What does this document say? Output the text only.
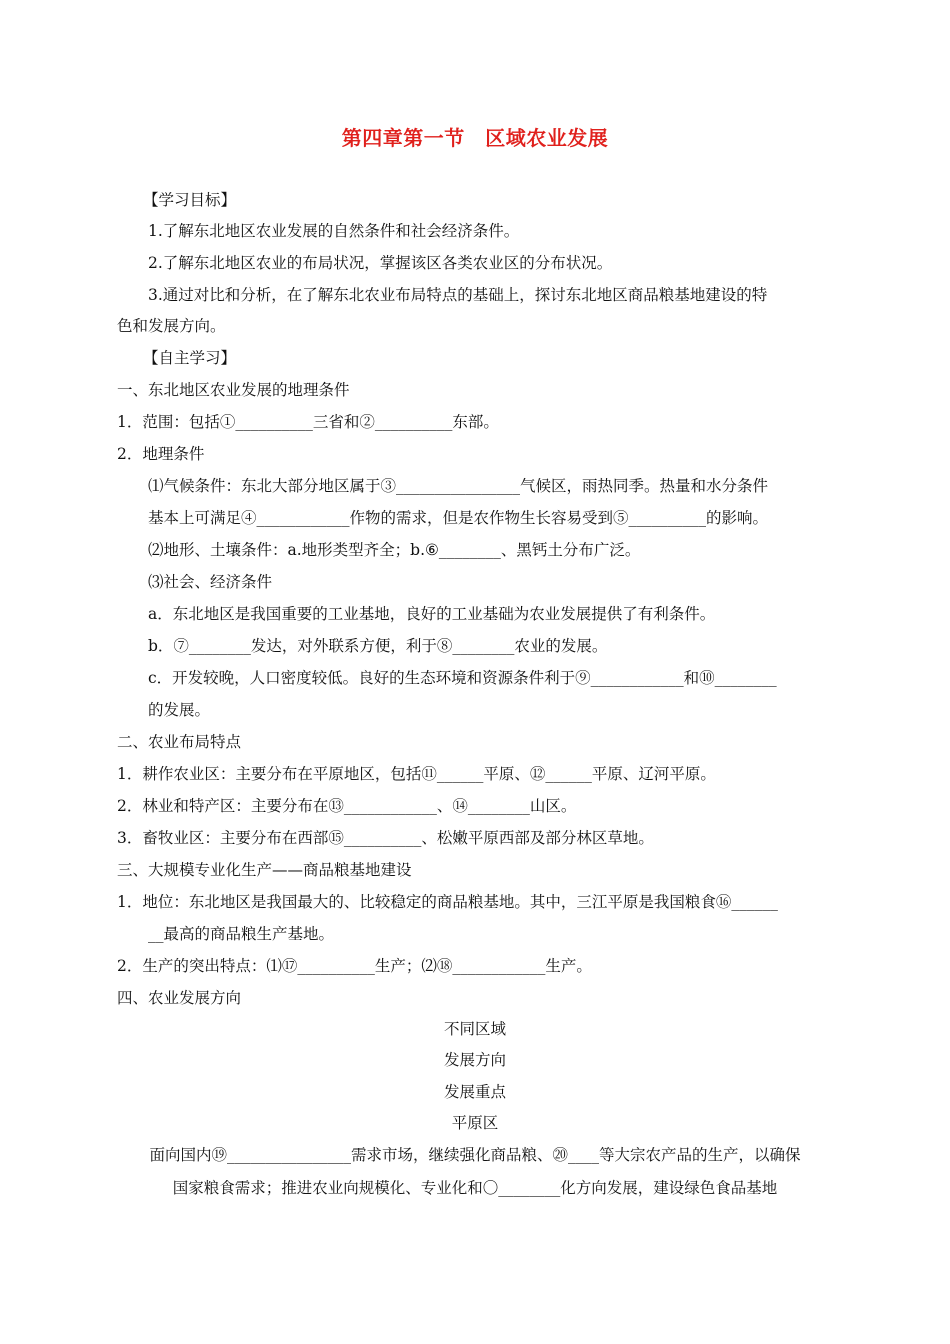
第四章第一节　区域农业发展
【学习目标】
1.了解东北地区农业发展的自然条件和社会经济条件。
2.了解东北地区农业的布局状况，掌握该区各类农业区的分布状况。
3.通过对比和分析，在了解东北农业布局特点的基础上，探讨东北地区商品粮基地建设的特
色和发展方向。
【自主学习】
一、东北地区农业发展的地理条件
1．范围：包括①__________三省和②__________东部。
2．地理条件
⑴气候条件：东北大部分地区属于③________________气候区，雨热同季。热量和水分条件
基本上可满足④____________作物的需求，但是农作物生长容易受到⑤__________的影响。
⑵地形、土壤条件：a.地形类型齐全；b.⑥________、黑钙土分布广泛。
⑶社会、经济条件
a．东北地区是我国重要的工业基地，良好的工业基础为农业发展提供了有利条件。
b．⑦________发达，对外联系方便，利于⑧________农业的发展。
c．开发较晚，人口密度较低。良好的生态环境和资源条件利于⑨____________和⑩________
的发展。
二、农业布局特点
1．耕作农业区：主要分布在平原地区，包括⑪______平原、⑫______平原、辽河平原。
2．林业和特产区：主要分布在⑬____________、⑭________山区。
3．畜牧业区：主要分布在西部⑮__________、松嫩平原西部及部分林区草地。
三、大规模专业化生产——商品粮基地建设
1．地位：东北地区是我国最大的、比较稳定的商品粮基地。其中，三江平原是我国粮食⑯______
__最高的商品粮生产基地。
2．生产的突出特点：⑴⑰__________生产；⑵⑱____________生产。
四、农业发展方向
不同区域
发展方向
发展重点
平原区
面向国内⑲________________需求市场，继续强化商品粮、⑳____等大宗农产品的生产，以确保
国家粮食需求；推进农业向规模化、专业化和〇________化方向发展，建设绿色食品基地
